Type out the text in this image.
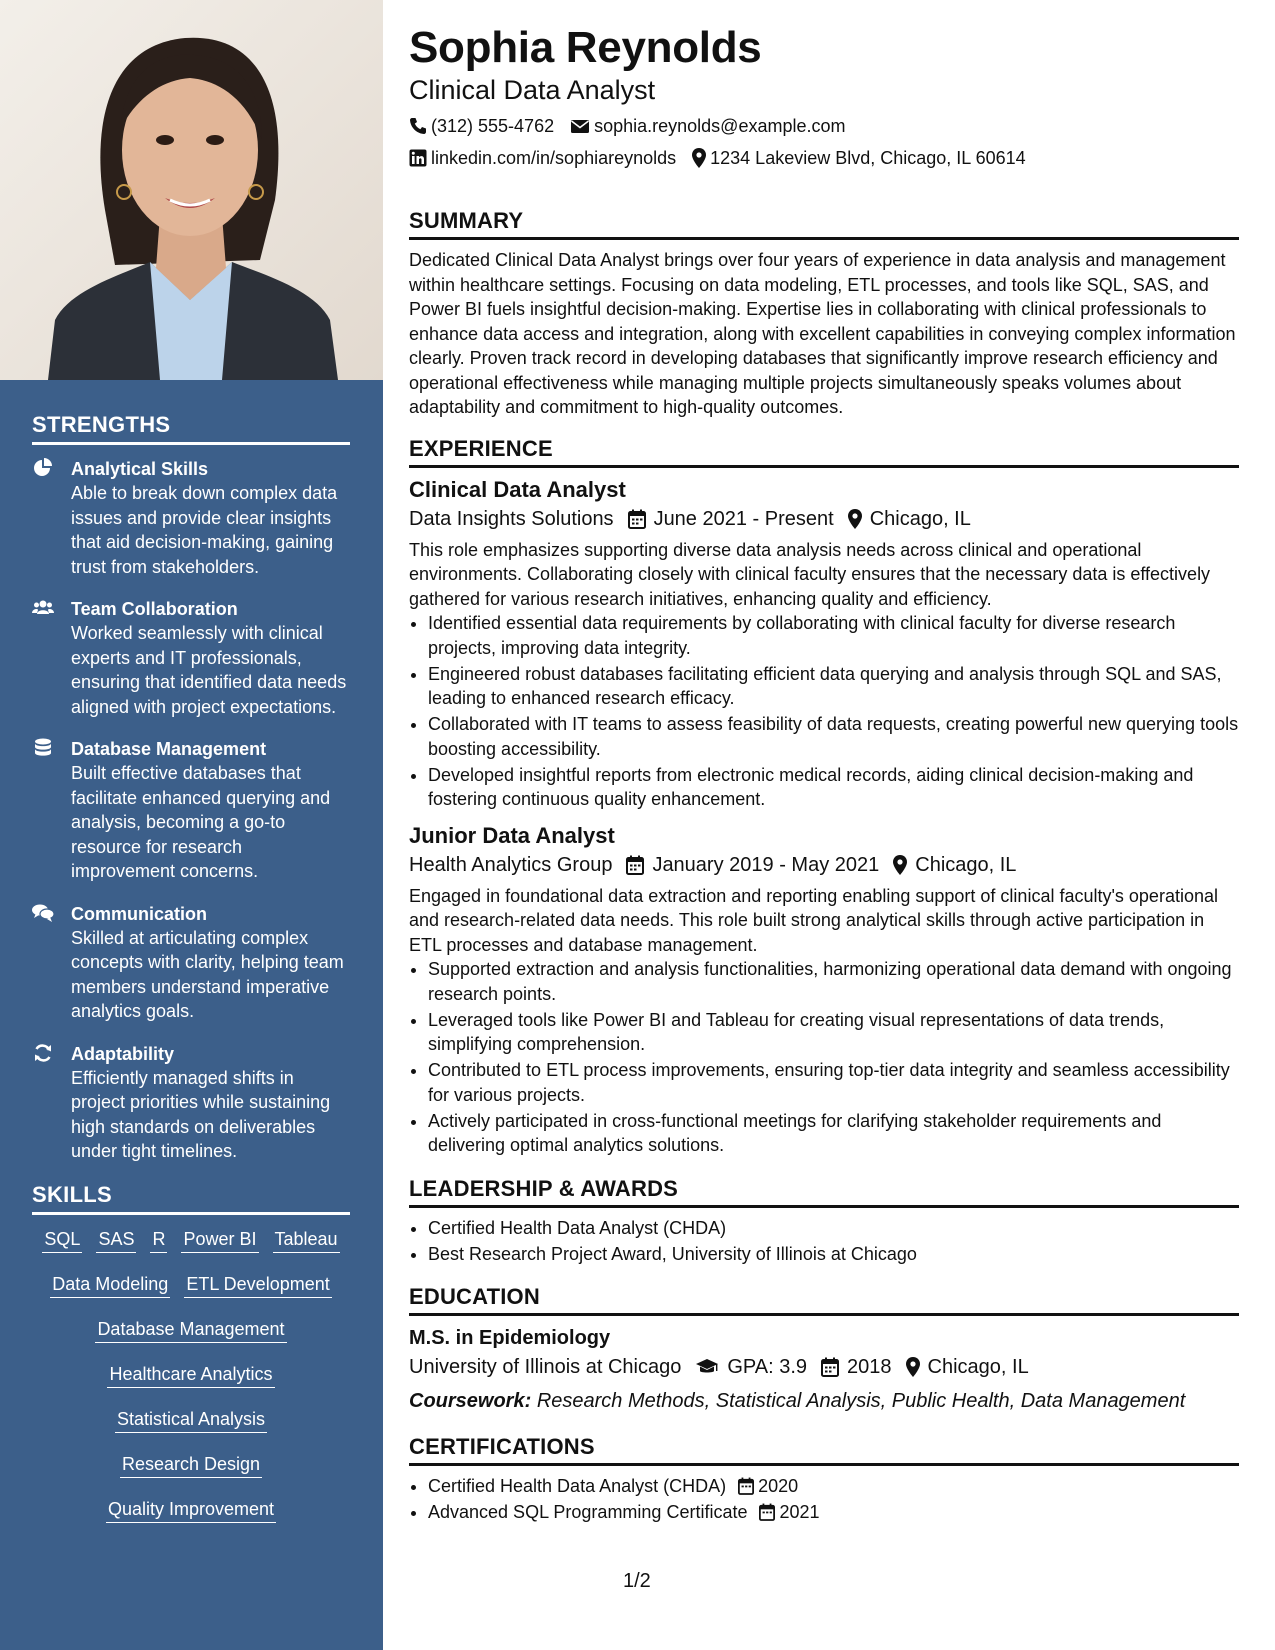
STRENGTHS
Analytical Skills
Able to break down complex data issues and provide clear insights that aid decision-making, gaining trust from stakeholders.
Team Collaboration
Worked seamlessly with clinical experts and IT professionals, ensuring that identified data needs aligned with project expectations.
Database Management
Built effective databases that facilitate enhanced querying and analysis, becoming a go-to resource for research improvement concerns.
Communication
Skilled at articulating complex concepts with clarity, helping team members understand imperative analytics goals.
Adaptability
Efficiently managed shifts in project priorities while sustaining high standards on deliverables under tight timelines.
SKILLS
SQL SAS R Power BI Tableau
Data Modeling ETL Development
Database Management
Healthcare Analytics
Statistical Analysis
Research Design
Quality Improvement
Sophia Reynolds
Clinical Data Analyst
(312) 555-4762 sophia.reynolds@example.com
linkedin.com/in/sophiareynolds 1234 Lakeview Blvd, Chicago, IL 60614
SUMMARY

Dedicated Clinical Data Analyst brings over four years of experience in data analysis and management within healthcare settings. Focusing on data modeling, ETL processes, and tools like SQL, SAS, and Power BI fuels insightful decision-making. Expertise lies in collaborating with clinical professionals to enhance data access and integration, along with excellent capabilities in conveying complex information clearly. Proven track record in developing databases that significantly improve research efficiency and operational effectiveness while managing multiple projects simultaneously speaks volumes about adaptability and commitment to high-quality outcomes.

EXPERIENCE
Clinical Data Analyst
Data Insights Solutions June 2021 - Present Chicago, IL

This role emphasizes supporting diverse data analysis needs across clinical and operational environments. Collaborating closely with clinical faculty ensures that the necessary data is effectively gathered for various research initiatives, enhancing quality and efficiency.

• Identified essential data requirements by collaborating with clinical faculty for diverse research projects, improving data integrity.
• Engineered robust databases facilitating efficient data querying and analysis through SQL and SAS, leading to enhanced research efficacy.
• Collaborated with IT teams to assess feasibility of data requests, creating powerful new querying tools boosting accessibility.
• Developed insightful reports from electronic medical records, aiding clinical decision-making and fostering continuous quality enhancement.
Junior Data Analyst
Health Analytics Group January 2019 - May 2021 Chicago, IL

Engaged in foundational data extraction and reporting enabling support of clinical faculty's operational and research-related data needs. This role built strong analytical skills through active participation in ETL processes and database management.

• Supported extraction and analysis functionalities, harmonizing operational data demand with ongoing research points.
• Leveraged tools like Power BI and Tableau for creating visual representations of data trends, simplifying comprehension.
• Contributed to ETL process improvements, ensuring top-tier data integrity and seamless accessibility for various projects.
• Actively participated in cross-functional meetings for clarifying stakeholder requirements and delivering optimal analytics solutions.
LEADERSHIP & AWARDS
• Certified Health Data Analyst (CHDA)
• Best Research Project Award, University of Illinois at Chicago
EDUCATION
M.S. in Epidemiology
University of Illinois at Chicago GPA: 3.9 2018 Chicago, IL
Coursework: Research Methods, Statistical Analysis, Public Health, Data Management
CERTIFICATIONS
• Certified Health Data Analyst (CHDA) 2020
• Advanced SQL Programming Certificate 2021
1/2
